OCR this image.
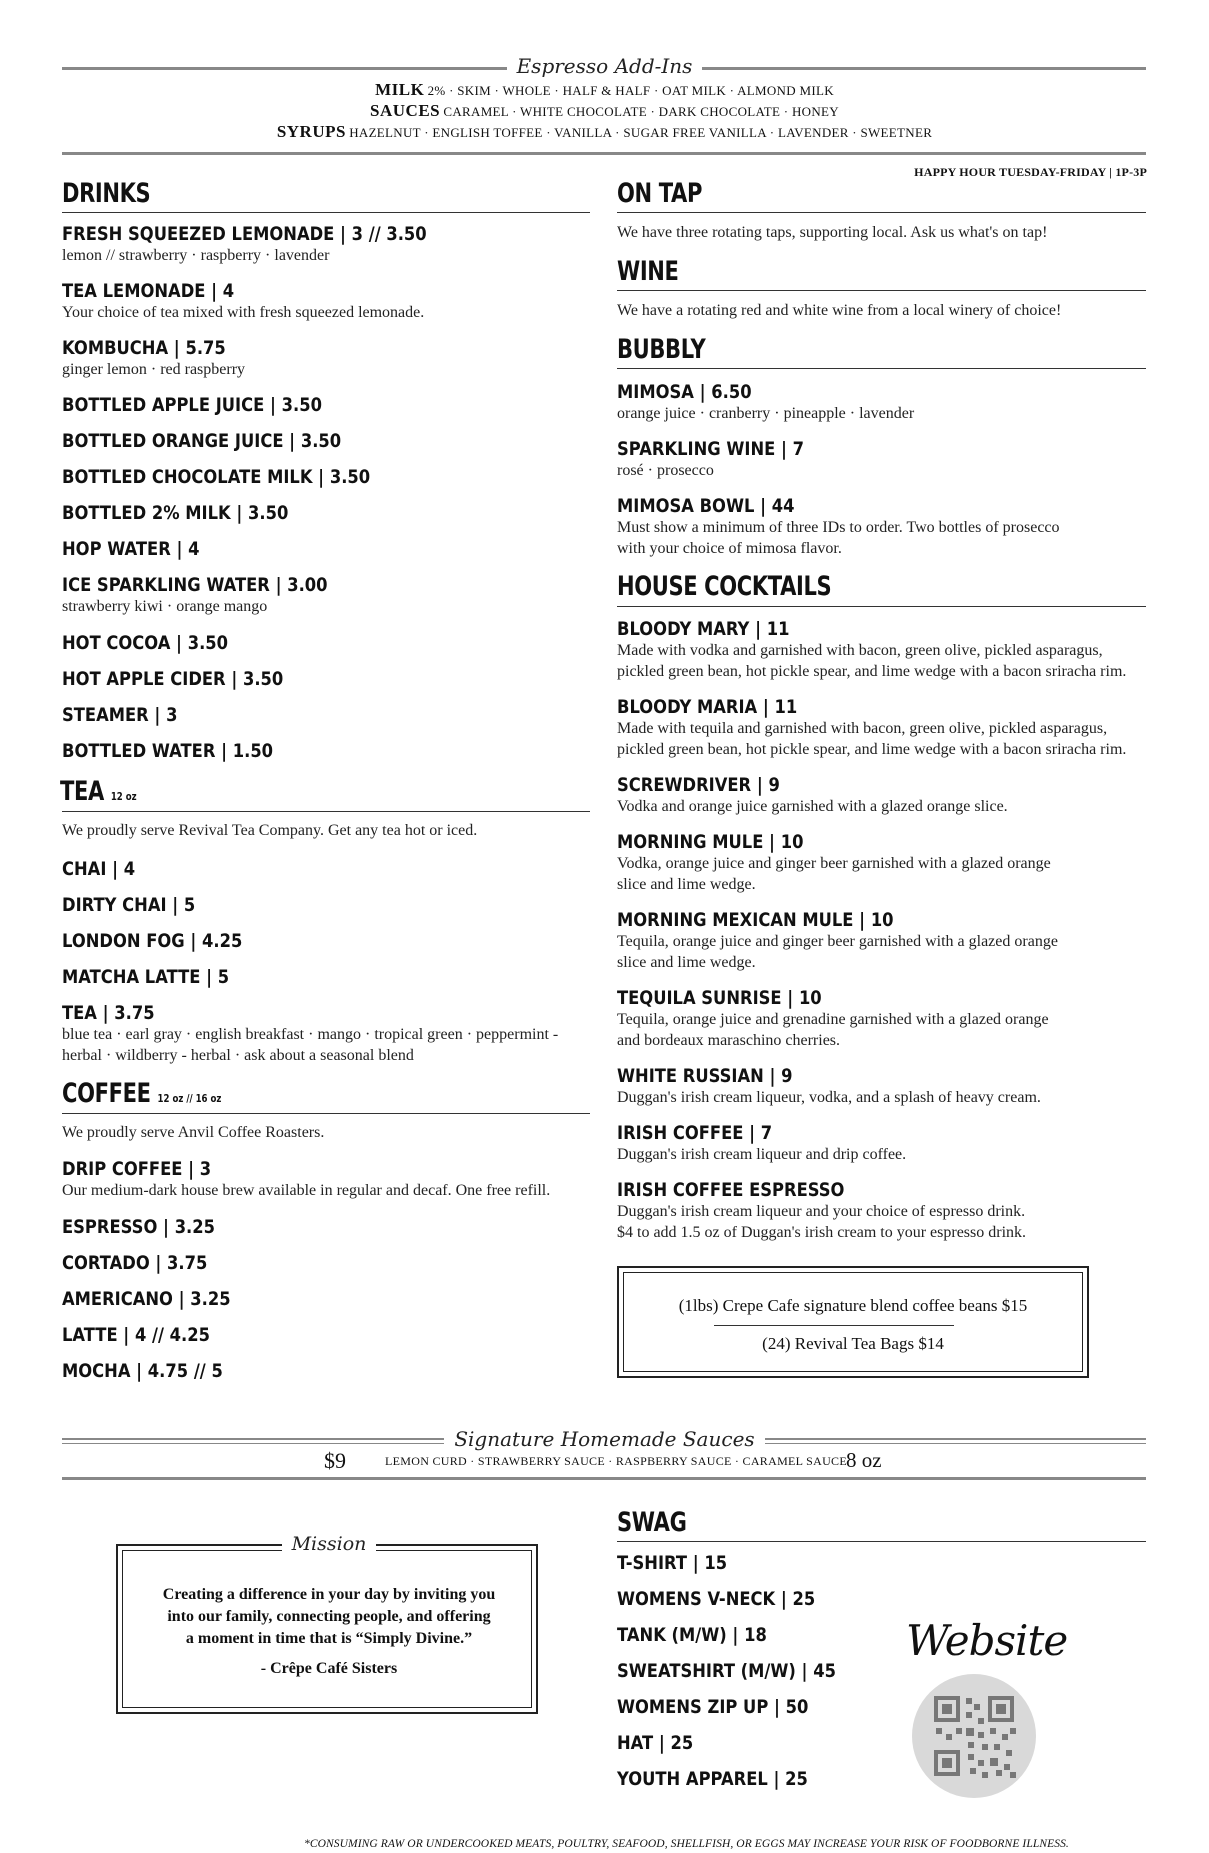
Espresso Add-Ins
MILK 2% · SKIM · WHOLE · HALF & HALF · OAT MILK · ALMOND MILK
SAUCES CARAMEL · WHITE CHOCOLATE · DARK CHOCOLATE · HONEY
SYRUPS HAZELNUT · ENGLISH TOFFEE · VANILLA · SUGAR FREE VANILLA · LAVENDER · SWEETNER
DRINKS
FRESH SQUEEZED LEMONADE | 3 // 3.50
lemon // strawberry · raspberry · lavender
TEA LEMONADE | 4
Your choice of tea mixed with fresh squeezed lemonade.
KOMBUCHA | 5.75
ginger lemon · red raspberry
BOTTLED APPLE JUICE | 3.50
BOTTLED ORANGE JUICE | 3.50
BOTTLED CHOCOLATE MILK | 3.50
BOTTLED 2% MILK | 3.50
HOP WATER | 4
ICE SPARKLING WATER | 3.00
strawberry kiwi · orange mango
HOT COCOA | 3.50
HOT APPLE CIDER | 3.50
STEAMER | 3
BOTTLED WATER | 1.50
TEA 12 oz
We proudly serve Revival Tea Company. Get any tea hot or iced.
CHAI | 4
DIRTY CHAI | 5
LONDON FOG | 4.25
MATCHA LATTE | 5
TEA | 3.75
blue tea · earl gray · english breakfast · mango · tropical green · peppermint -
herbal · wildberry - herbal · ask about a seasonal blend
COFFEE 12 oz // 16 oz
We proudly serve Anvil Coffee Roasters.
DRIP COFFEE | 3
Our medium-dark house brew available in regular and decaf. One free refill.
ESPRESSO | 3.25
CORTADO | 3.75
AMERICANO | 3.25
LATTE | 4 // 4.25
MOCHA | 4.75 // 5
HAPPY HOUR TUESDAY-FRIDAY | 1P-3P
ON TAP
We have three rotating taps, supporting local. Ask us what's on tap!
WINE
We have a rotating red and white wine from a local winery of choice!
BUBBLY
MIMOSA | 6.50
orange juice · cranberry · pineapple · lavender
SPARKLING WINE | 7
rosé · prosecco
MIMOSA BOWL | 44
Must show a minimum of three IDs to order. Two bottles of prosecco
with your choice of mimosa flavor.
HOUSE COCKTAILS
BLOODY MARY | 11
Made with vodka and garnished with bacon, green olive, pickled asparagus,
pickled green bean, hot pickle spear, and lime wedge with a bacon sriracha rim.
BLOODY MARIA | 11
Made with tequila and garnished with bacon, green olive, pickled asparagus,
pickled green bean, hot pickle spear, and lime wedge with a bacon sriracha rim.
SCREWDRIVER | 9
Vodka and orange juice garnished with a glazed orange slice.
MORNING MULE | 10
Vodka, orange juice and ginger beer garnished with a glazed orange
slice and lime wedge.
MORNING MEXICAN MULE | 10
Tequila, orange juice and ginger beer garnished with a glazed orange
slice and lime wedge.
TEQUILA SUNRISE | 10
Tequila, orange juice and grenadine garnished with a glazed orange
and bordeaux maraschino cherries.
WHITE RUSSIAN | 9
Duggan's irish cream liqueur, vodka, and a splash of heavy cream.
IRISH COFFEE | 7
Duggan's irish cream liqueur and drip coffee.
IRISH COFFEE ESPRESSO
Duggan's irish cream liqueur and your choice of espresso drink.
$4 to add 1.5 oz of Duggan's irish cream to your espresso drink.
(1lbs) Crepe Cafe signature blend coffee beans $15
(24) Revival Tea Bags $14
Signature Homemade Sauces
$9	LEMON CURD · STRAWBERRY SAUCE · RASPBERRY SAUCE · CARAMEL SAUCE 8 oz
Mission
Creating a difference in your day by inviting you
into our family, connecting people, and offering
a moment in time that is “Simply Divine.”
- Crêpe Café Sisters
SWAG
T-SHIRT | 15
WOMENS V-NECK | 25
TANK (M/W) | 18
SWEATSHIRT (M/W) | 45
WOMENS ZIP UP | 50
HAT | 25
YOUTH APPAREL | 25
Website
*CONSUMING RAW OR UNDERCOOKED MEATS, POULTRY, SEAFOOD, SHELLFISH, OR EGGS MAY INCREASE YOUR RISK OF FOODBORNE ILLNESS.
